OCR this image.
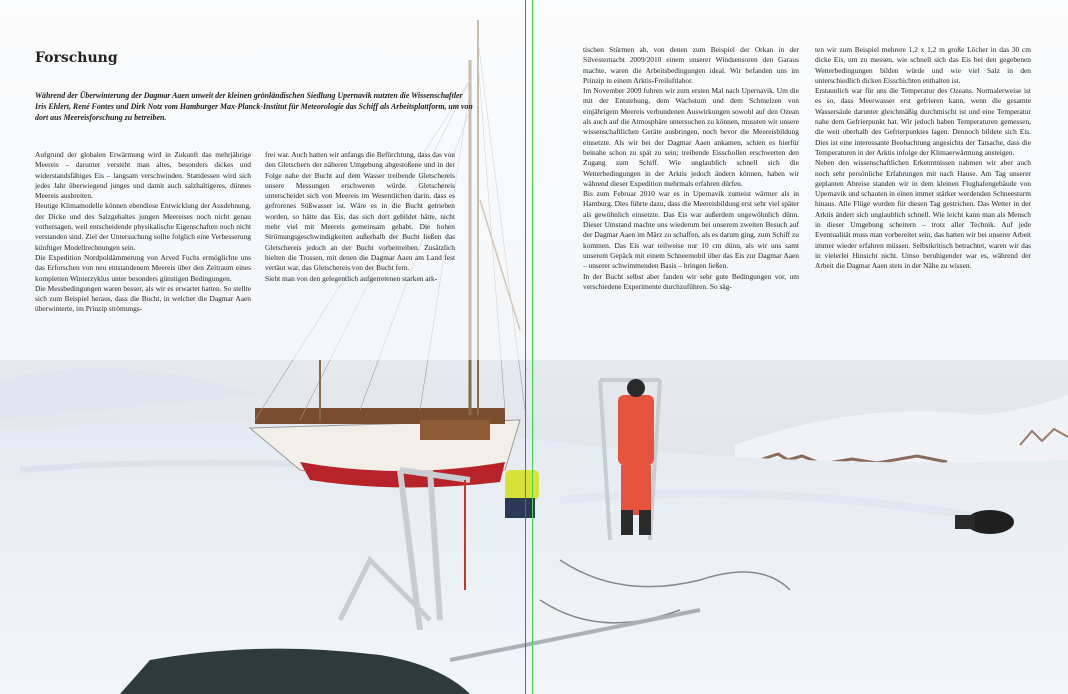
Forschung

Während der Überwinterung der Dagmar Aaen unweit der kleinen grönländischen Siedlung Upernavik nutzten die Wissenschaftler Iris Ehlert, René Fontes und Dirk Notz vom Hamburger Max-Planck-Institut für Meteorologie das Schiff als Arbeitsplattform, um von dort aus Meereisforschung zu betreiben.

Aufgrund der globalen Erwärmung wird in Zukunft das mehrjährige Meereis – darunter versteht man altes, besonders dickes und widerstandsfähiges Eis – langsam verschwinden. Stattdessen wird sich jedes Jahr überwiegend junges und damit auch salzhaltigeres, dünnes Meereis ausbreiten.

Heutige Klimamodelle können ebendiese Entwicklung der Ausdehnung, der Dicke und des Salzgehaltes jungen Meereises noch nicht genau vorhersagen, weil entscheidende physikalische Eigenschaften noch nicht verstanden sind. Ziel der Untersuchung sollte folglich eine Verbesserung künftiger Modellrechnungen sein.

Die Expedition Nordpoldämmerung von Arved Fuchs ermöglichte uns das Erforschen von neu entstandenem Meereis über den Zeitraum eines kompletten Winterzyklus unter besonders günstigen Bedingungen.

Die Messbedingungen waren besser, als wir es erwartet hatten. So stellte sich zum Beispiel heraus, dass die Bucht, in welcher die Dagmar Aaen überwinterte, im Prinzip strömungs-

frei war. Auch hatten wir anfangs die Befürchtung, dass das von den Gletschern der näheren Umgebung abgestoßene und in der Folge nahe der Bucht auf dem Wasser treibende Gletschereis unsere Messungen erschweren würde. Gletschereis unterscheidet sich von Meereis im Wesentlichen darin, dass es gefrorenes Süßwasser ist. Wäre es in die Bucht getrieben worden, so hätte das Eis, das sich dort gebildet hätte, nicht mehr viel mit Meereis gemeinsam gehabt. Die hohen Strömungsgeschwindigkeiten außerhalb der Bucht ließen das Gletschereis jedoch an der Bucht vorbeitreiben. Zusätzlich hielten die Trossen, mit denen die Dagmar Aaen am Land fest vertäut war, das Gletschereis von der Bucht fern.

Sieht man von den gelegentlich aufgetretenen starken ark-

tischen Stürmen ab, von denen zum Beispiel der Orkan in der Silvesternacht 2009/2010 einem unserer Windsensoren den Garaus machte, waren die Arbeitsbedingungen ideal. Wir befanden uns im Prinzip in einem Arktis-Freiluftlabor.

Im November 2009 fuhren wir zum ersten Mal nach Upernavik. Um die mit der Entstehung, dem Wachstum und dem Schmelzen von einjährigem Meereis verbundenen Auswirkungen sowohl auf den Ozean als auch auf die Atmosphäre untersuchen zu können, mussten wir unsere wissenschaftlichen Geräte ausbringen, noch bevor die Meereisbildung einsetzte. Als wir bei der Dagmar Aaen ankamen, schien es hierfür beinahe schon zu spät zu sein; treibende Eisschollen erschwerten den Zugang zum Schiff. Wie unglaublich schnell sich die Wetterbedingungen in der Arktis jedoch ändern können, haben wir während dieser Expedition mehrmals erfahren dürfen.

Bis zum Februar 2010 war es in Upernavik zumeist wärmer als in Hamburg. Dies führte dazu, dass die Meereisbildung erst sehr viel später als gewöhnlich einsetzte. Das Eis war außerdem ungewöhnlich dünn. Dieser Umstand machte uns wiederum bei unserem zweiten Besuch auf der Dagmar Aaen im März zu schaffen, als es darum ging, zum Schiff zu kommen. Das Eis war teilweise nur 10 cm dünn, als wir uns samt unserem Gepäck mit einem Schneemobil über das Eis zur Dagmar Aaen – unserer schwimmenden Basis – bringen ließen.

In der Bucht selbst aber fanden wir sehr gute Bedingungen vor, um verschiedene Experimente durchzuführen. So säg-

ten wir zum Beispiel mehrere 1,2 x 1,2 m große Löcher in das 30 cm dicke Eis, um zu messen, wie schnell sich das Eis bei den gegebenen Wetterbedingungen bilden würde und wie viel Salz in den unterschiedlich dicken Eisschichten enthalten ist.

Erstaunlich war für uns die Temperatur des Ozeans. Normalerweise ist es so, dass Meerwasser erst gefrieren kann, wenn die gesamte Wassersäule darunter gleichmäßig durchmischt ist und eine Temperatur nahe dem Gefrierpunkt hat. Wir jedoch haben Temperaturen gemessen, die weit oberhalb des Gefrierpunktes lagen. Dennoch bildete sich Eis. Dies ist eine interessante Beobachtung angesichts der Tatsache, dass die Temperaturen in der Arktis infolge der Klimaerwärmung ansteigen.

Neben den wissenschaftlichen Erkenntnissen nahmen wir aber auch noch sehr persönliche Erfahrungen mit nach Hause. Am Tag unserer geplanten Abreise standen wir in dem kleinen Flughafengebäude von Upernavik und schauten in einen immer stärker werdenden Schneesturm hinaus. Alle Flüge wurden für diesen Tag gestrichen. Das Wetter in der Arktis ändert sich unglaublich schnell. Wie leicht kann man als Mensch in dieser Umgebung scheitern – trotz aller Technik. Auf jede Eventualität muss man vorbereitet sein, das hatten wir bei unserer Arbeit immer wieder erfahren müssen. Selbstkritisch betrachtet, waren wir das in vielerlei Hinsicht nicht. Umso beruhigender war es, während der Arbeit die Dagmar Aaen stets in der Nähe zu wissen.
